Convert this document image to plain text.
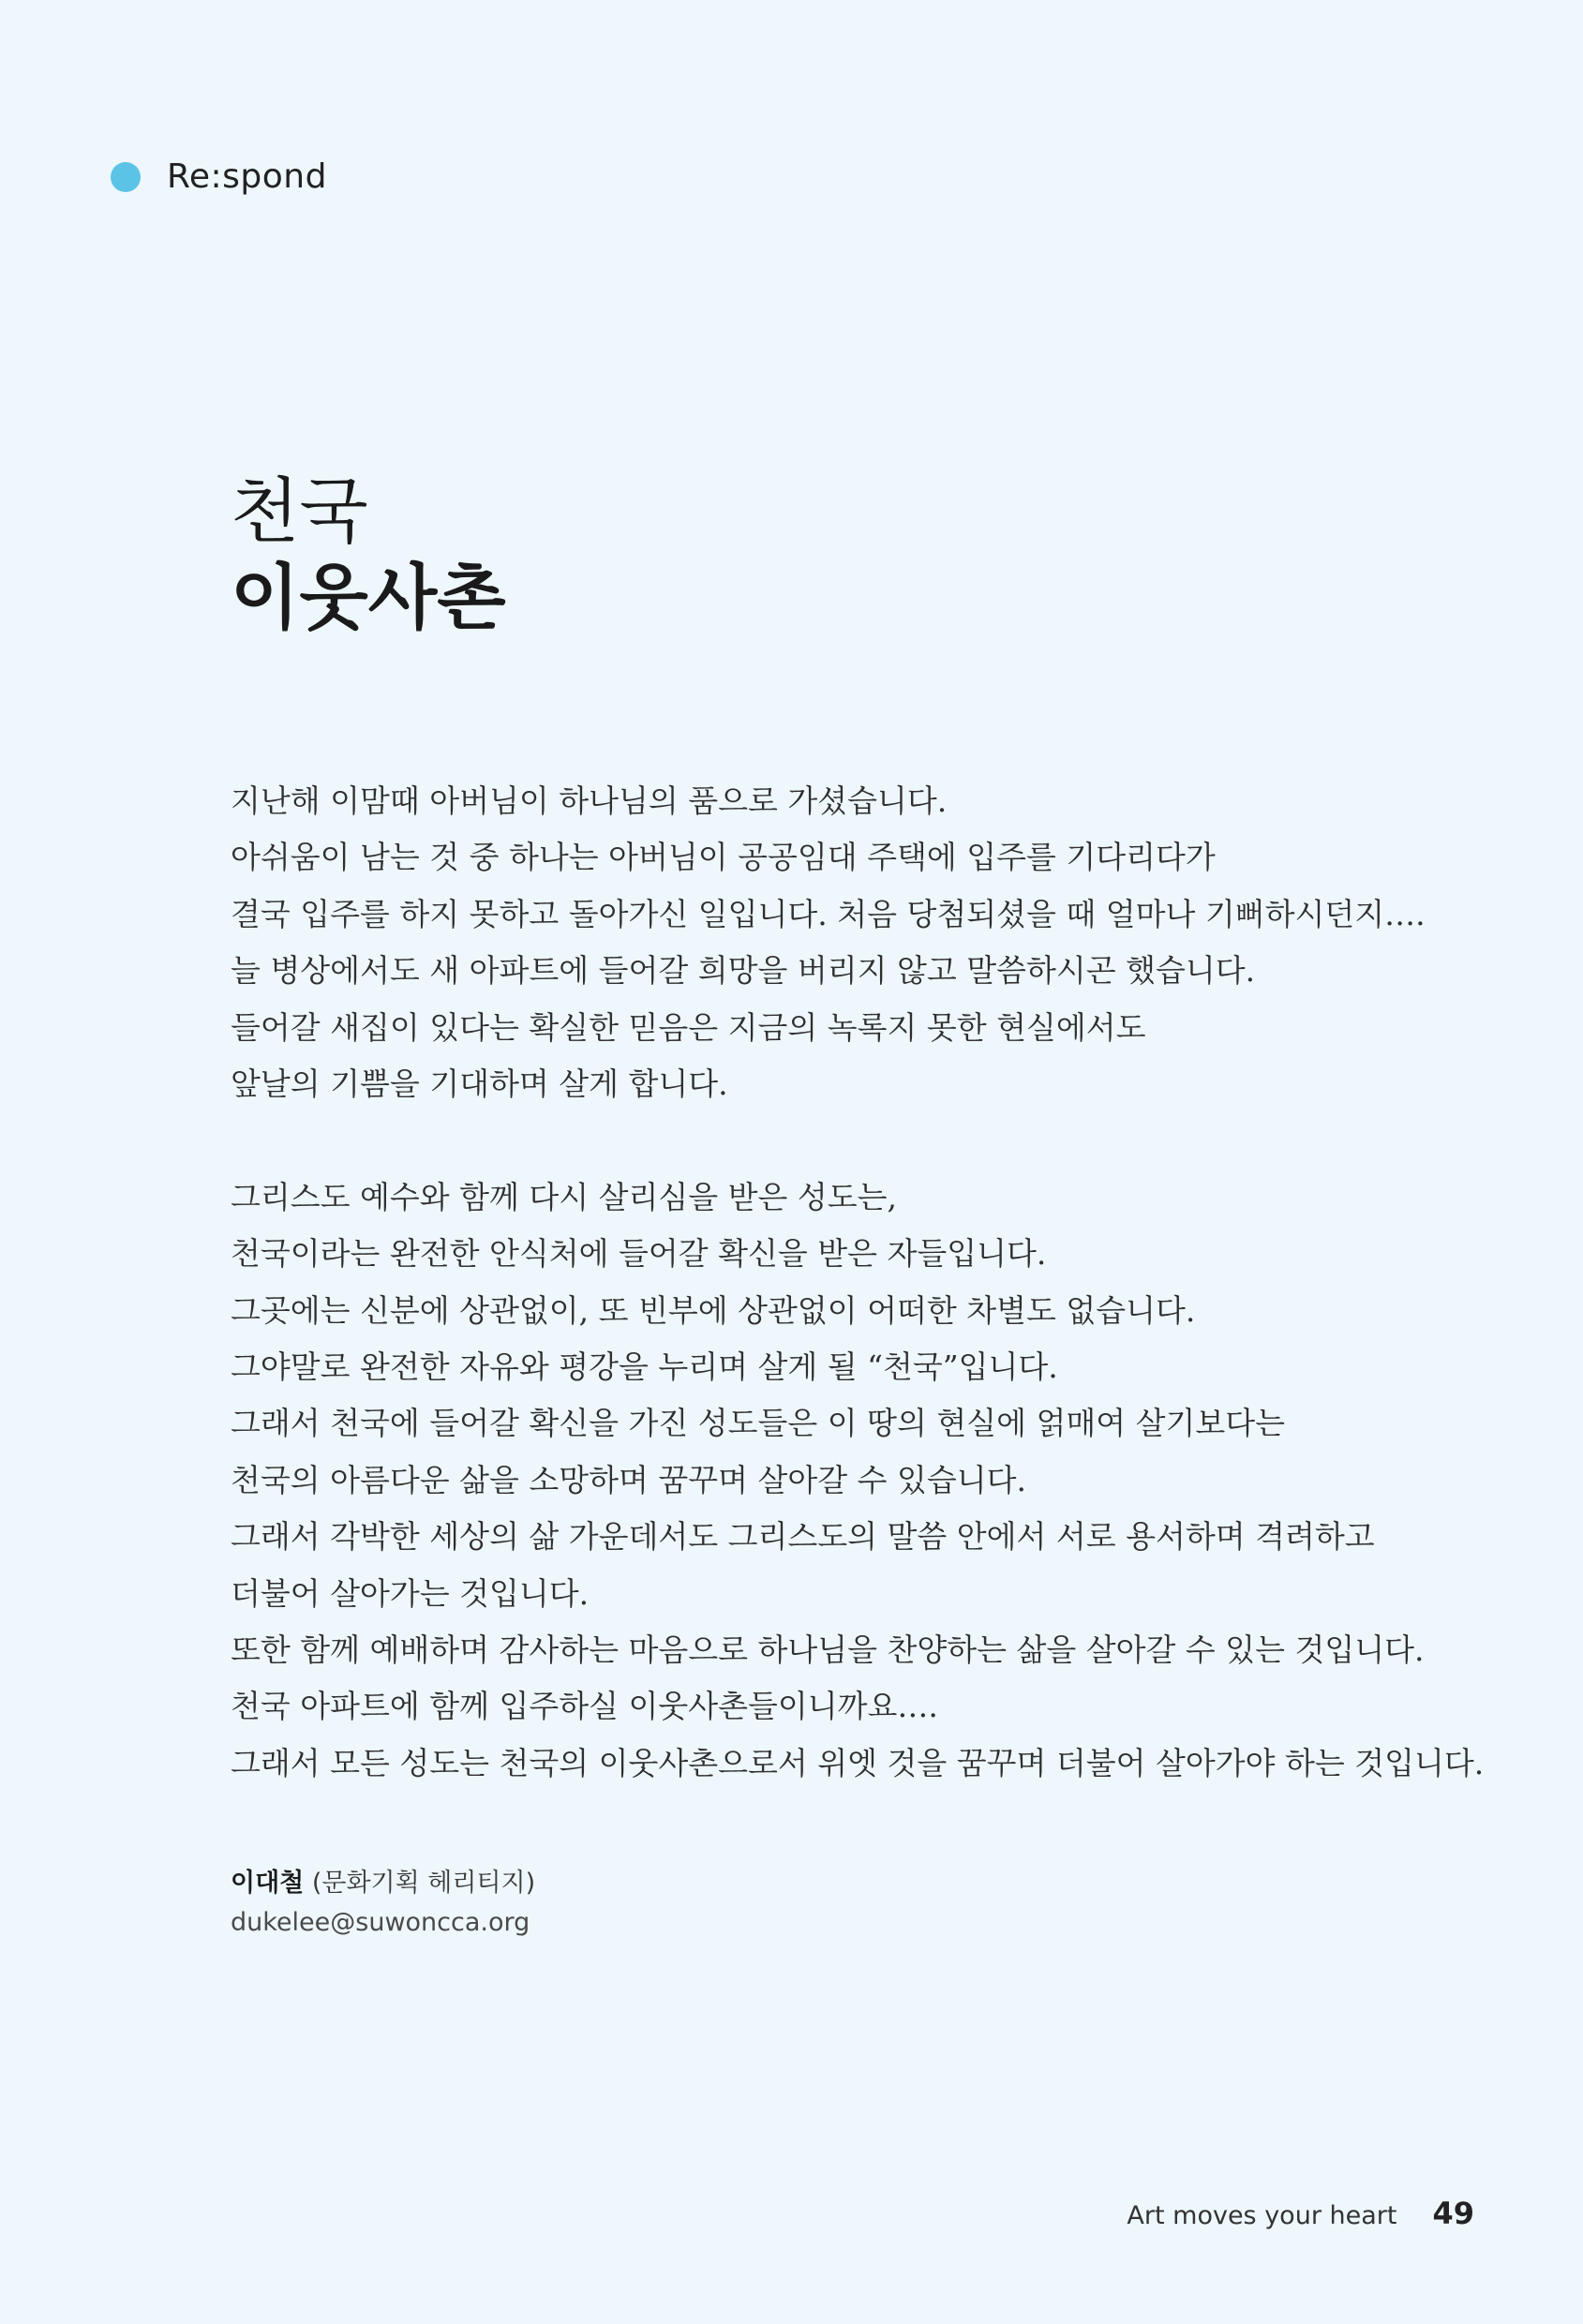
Re:spond
천국
이웃사촌

지난해 이맘때 아버님이 하나님의 품으로 가셨습니다.
아쉬움이 남는 것 중 하나는 아버님이 공공임대 주택에 입주를 기다리다가
결국 입주를 하지 못하고 돌아가신 일입니다. 처음 당첨되셨을 때 얼마나 기뻐하시던지….
늘 병상에서도 새 아파트에 들어갈 희망을 버리지 않고 말씀하시곤 했습니다.
들어갈 새집이 있다는 확실한 믿음은 지금의 녹록지 못한 현실에서도
앞날의 기쁨을 기대하며 살게 합니다.

그리스도 예수와 함께 다시 살리심을 받은 성도는,
천국이라는 완전한 안식처에 들어갈 확신을 받은 자들입니다.
그곳에는 신분에 상관없이, 또 빈부에 상관없이 어떠한 차별도 없습니다.
그야말로 완전한 자유와 평강을 누리며 살게 될 “천국”입니다.
그래서 천국에 들어갈 확신을 가진 성도들은 이 땅의 현실에 얽매여 살기보다는
천국의 아름다운 삶을 소망하며 꿈꾸며 살아갈 수 있습니다.
그래서 각박한 세상의 삶 가운데서도 그리스도의 말씀 안에서 서로 용서하며 격려하고
더불어 살아가는 것입니다.
또한 함께 예배하며 감사하는 마음으로 하나님을 찬양하는 삶을 살아갈 수 있는 것입니다.
천국 아파트에 함께 입주하실 이웃사촌들이니까요….
그래서 모든 성도는 천국의 이웃사촌으로서 위엣 것을 꿈꾸며 더불어 살아가야 하는 것입니다.

이대철 (문화기획 헤리티지)
dukelee@suwoncca.org
Art moves your heart 49
